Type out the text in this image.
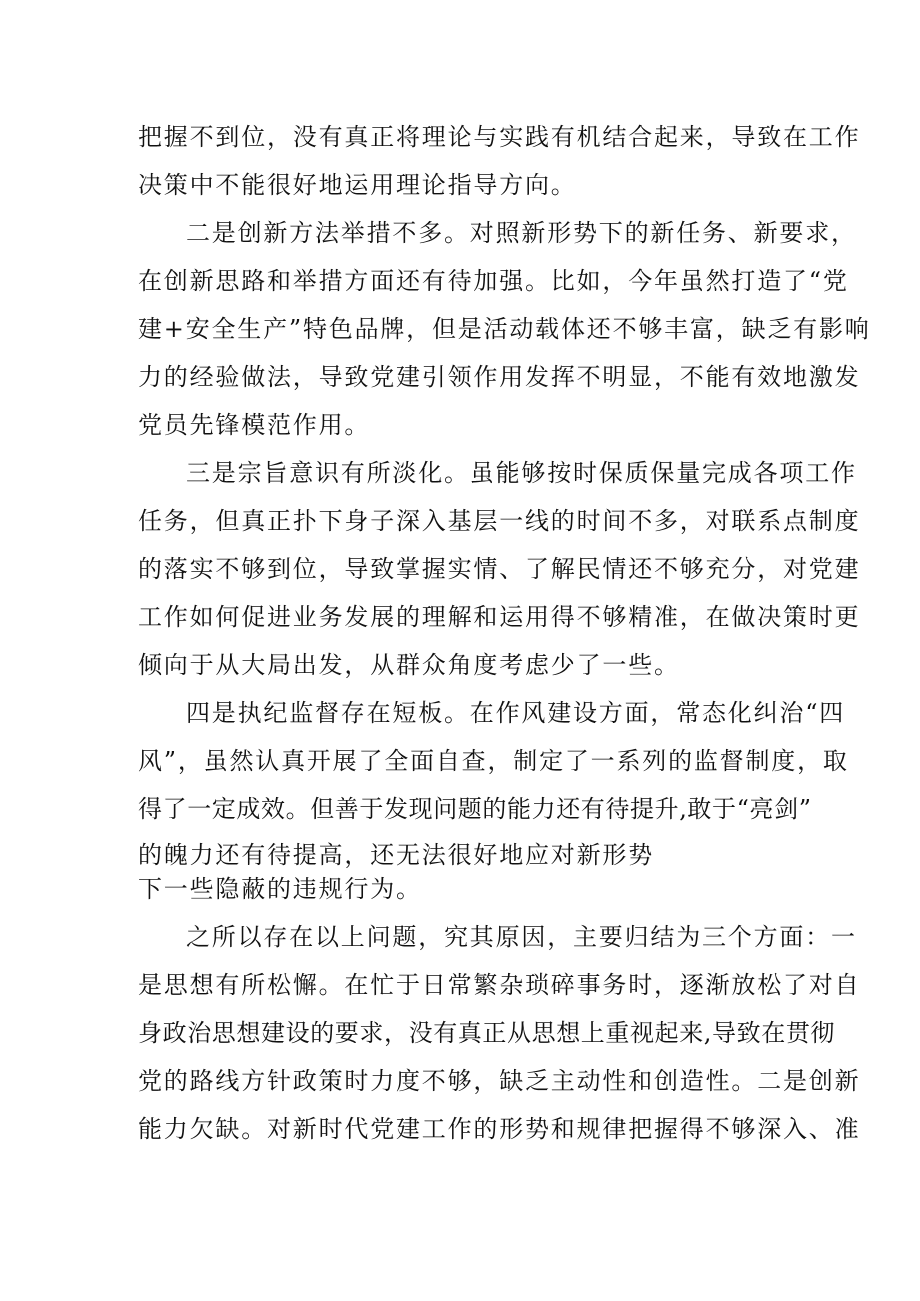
把握不到位，没有真正将理论与实践有机结合起来，导致在工作

决策中不能很好地运用理论指导方向。

二是创新方法举措不多。对照新形势下的新任务、新要求，

在创新思路和举措方面还有待加强。比如，今年虽然打造了“党

建+安全生产”特色品牌，但是活动载体还不够丰富，缺乏有影响

力的经验做法，导致党建引领作用发挥不明显，不能有效地激发

党员先锋模范作用。

三是宗旨意识有所淡化。虽能够按时保质保量完成各项工作

任务，但真正扑下身子深入基层一线的时间不多，对联系点制度

的落实不够到位，导致掌握实情、了解民情还不够充分，对党建

工作如何促进业务发展的理解和运用得不够精准，在做决策时更

倾向于从大局出发，从群众角度考虑少了一些。

四是执纪监督存在短板。在作风建设方面，常态化纠治“四

风”，虽然认真开展了全面自查，制定了一系列的监督制度，取

得了一定成效。但善于发现问题的能力还有待提升,敢于“亮剑”

的魄力还有待提高，还无法很好地应对新形势

下一些隐蔽的违规行为。

之所以存在以上问题，究其原因，主要归结为三个方面：一

是思想有所松懈。在忙于日常繁杂琐碎事务时，逐渐放松了对自

身政治思想建设的要求，没有真正从思想上重视起来,导致在贯彻

党的路线方针政策时力度不够，缺乏主动性和创造性。二是创新

能力欠缺。对新时代党建工作的形势和规律把握得不够深入、准
